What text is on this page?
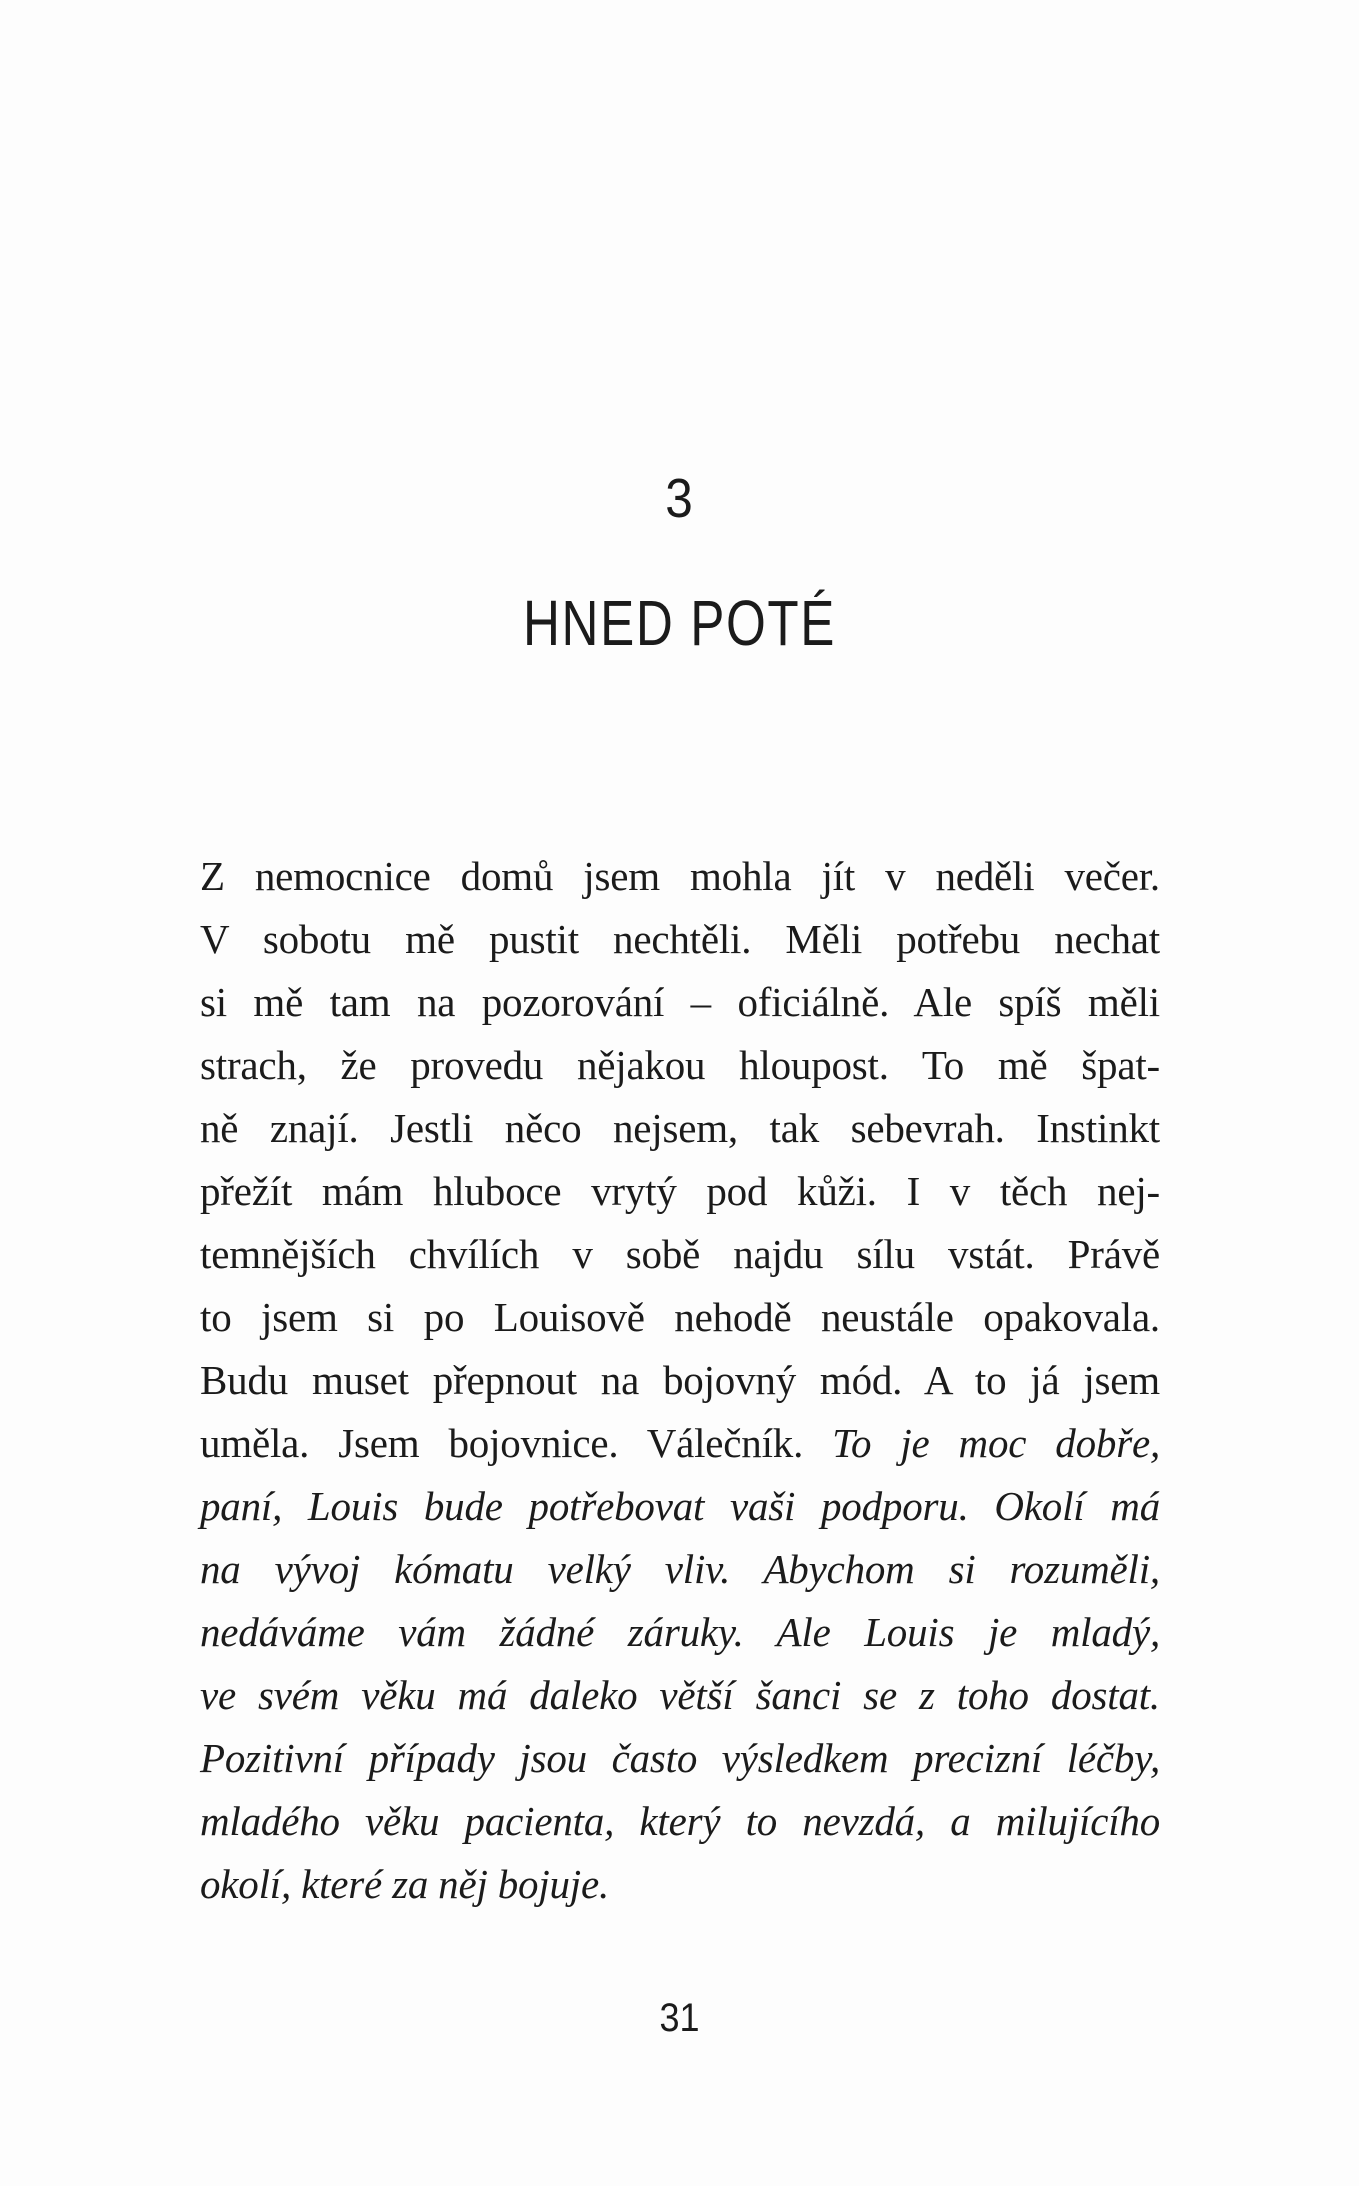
3
HNED POTÉ
Z nemocnice domů jsem mohla jít v neděli večer.
V sobotu mě pustit nechtěli. Měli potřebu nechat
si mě tam na pozorování – oficiálně. Ale spíš měli
strach, že provedu nějakou hloupost. To mě špat-
ně znají. Jestli něco nejsem, tak sebevrah. Instinkt
přežít mám hluboce vrytý pod kůži. I v těch nej-
temnějších chvílích v sobě najdu sílu vstát. Právě
to jsem si po Louisově nehodě neustále opakovala.
Budu muset přepnout na bojovný mód. A to já jsem
uměla. Jsem bojovnice. Válečník. To je moc dobře,
paní, Louis bude potřebovat vaši podporu. Okolí má
na vývoj kómatu velký vliv. Abychom si rozuměli,
nedáváme vám žádné záruky. Ale Louis je mladý,
ve svém věku má daleko větší šanci se z toho dostat.
Pozitivní případy jsou často výsledkem precizní léčby,
mladého věku pacienta, který to nevzdá, a milujícího
okolí, které za něj bojuje.
31
